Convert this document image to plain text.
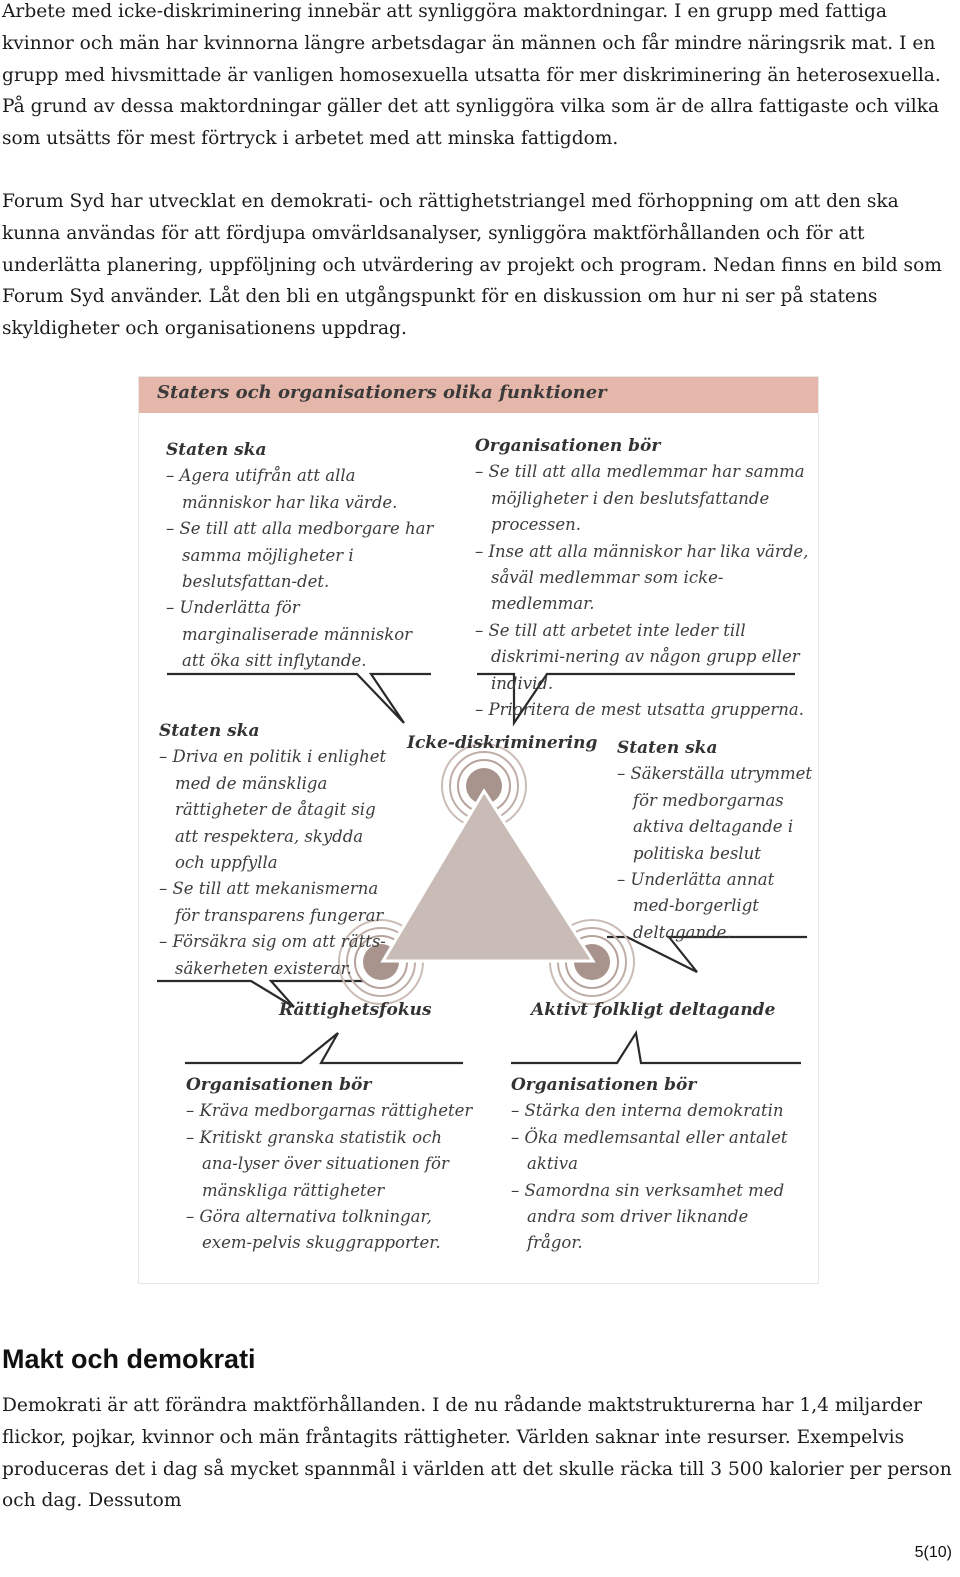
Arbete med icke-diskriminering innebär att synliggöra maktordningar. I en grupp med fattiga kvinnor och män har kvinnorna längre arbetsdagar än männen och får mindre näringsrik mat. I en grupp med hivsmittade är vanligen homosexuella utsatta för mer diskriminering än heterosexuella. På grund av dessa maktordningar gäller det att synliggöra vilka som är de allra fattigaste och vilka som utsätts för mest förtryck i arbetet med att minska fattigdom.

Forum Syd har utvecklat en demokrati- och rättighetstriangel med förhoppning om att den ska kunna användas för att fördjupa omvärldsanalyser, synliggöra maktförhållanden och för att underlätta planering, uppföljning och utvärdering av projekt och program. Nedan finns en bild som Forum Syd använder. Låt den bli en utgångspunkt för en diskussion om hur ni ser på statens skyldigheter och organisationens uppdrag.

Staters och organisationers olika funktioner
Staten ska
– Agera utifrån att alla människor har lika värde.
– Se till att alla medborgare har samma möjligheter i beslutsfattan-det.
– Underlätta för marginaliserade människor att öka sitt inflytande.
Organisationen bör
– Se till att alla medlemmar har samma möjligheter i den beslutsfattande processen.
– Inse att alla människor har lika värde, såväl medlemmar som icke-medlemmar.
– Se till att arbetet inte leder till diskrimi-nering av någon grupp eller individ.
– Prioritera de mest utsatta grupperna.
Staten ska
– Driva en politik i enlighet med de mänskliga rättigheter de åtagit sig att respektera, skydda och uppfylla
– Se till att mekanismerna för transparens fungerar
– Försäkra sig om att rätts-säkerheten existerar.
Staten ska
– Säkerställa utrymmet för medborgarnas aktiva deltagande i politiska beslut
– Underlätta annat med-borgerligt deltagande.
Icke-diskriminering
Rättighetsfokus	Aktivt folkligt deltagande
Organisationen bör
– Kräva medborgarnas rättigheter
– Kritiskt granska statistik och ana-lyser över situationen för mänskliga rättigheter
– Göra alternativa tolkningar, exem-pelvis skuggrapporter.
Organisationen bör
– Stärka den interna demokratin
– Öka medlemsantal eller antalet aktiva
– Samordna sin verksamhet med andra som driver liknande frågor.
Makt och demokrati

Demokrati är att förändra maktförhållanden. I de nu rådande maktstrukturerna har 1,4 miljarder flickor, pojkar, kvinnor och män fråntagits rättigheter. Världen saknar inte resurser. Exempelvis produceras det i dag så mycket spannmål i världen att det skulle räcka till 3 500 kalorier per person och dag. Dessutom

5(10)
